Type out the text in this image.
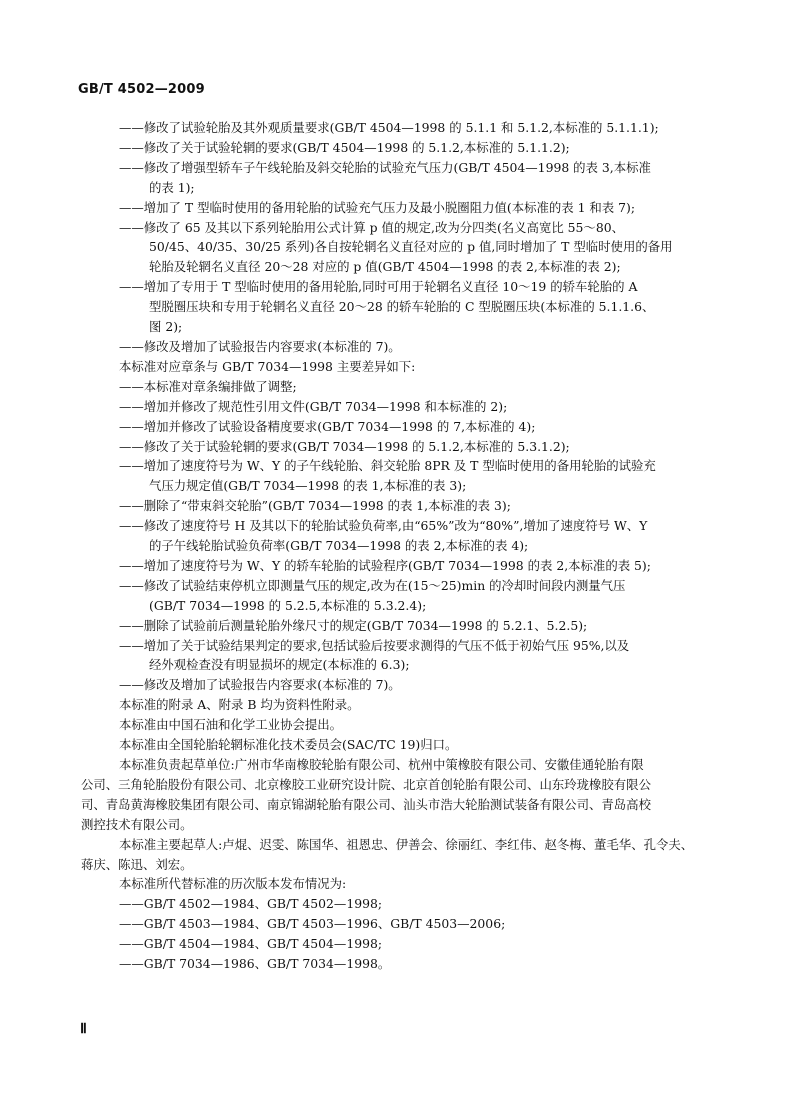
GB/T 4502—2009
——修改了试验轮胎及其外观质量要求(GB/T 4504—1998 的 5.1.1 和 5.1.2,本标准的 5.1.1.1);
——修改了关于试验轮辋的要求(GB/T 4504—1998 的 5.1.2,本标准的 5.1.1.2);
——修改了增强型轿车子午线轮胎及斜交轮胎的试验充气压力(GB/T 4504—1998 的表 3,本标准
的表 1);
——增加了 T 型临时使用的备用轮胎的试验充气压力及最小脱圈阻力值(本标准的表 1 和表 7);
——修改了 65 及其以下系列轮胎用公式计算 p 值的规定,改为分四类(名义高宽比 55～80、
50/45、40/35、30/25 系列)各自按轮辋名义直径对应的 p 值,同时增加了 T 型临时使用的备用
轮胎及轮辋名义直径 20～28 对应的 p 值(GB/T 4504—1998 的表 2,本标准的表 2);
——增加了专用于 T 型临时使用的备用轮胎,同时可用于轮辋名义直径 10～19 的轿车轮胎的 A
型脱圈压块和专用于轮辋名义直径 20～28 的轿车轮胎的 C 型脱圈压块(本标准的 5.1.1.6、
图 2);
——修改及增加了试验报告内容要求(本标准的 7)。
本标准对应章条与 GB/T 7034—1998 主要差异如下:
——本标准对章条编排做了调整;
——增加并修改了规范性引用文件(GB/T 7034—1998 和本标准的 2);
——增加并修改了试验设备精度要求(GB/T 7034—1998 的 7,本标准的 4);
——修改了关于试验轮辋的要求(GB/T 7034—1998 的 5.1.2,本标准的 5.3.1.2);
——增加了速度符号为 W、Y 的子午线轮胎、斜交轮胎 8PR 及 T 型临时使用的备用轮胎的试验充
气压力规定值(GB/T 7034—1998 的表 1,本标准的表 3);
——删除了“带束斜交轮胎”(GB/T 7034—1998 的表 1,本标准的表 3);
——修改了速度符号 H 及其以下的轮胎试验负荷率,由“65%”改为“80%”,增加了速度符号 W、Y
的子午线轮胎试验负荷率(GB/T 7034—1998 的表 2,本标准的表 4);
——增加了速度符号为 W、Y 的轿车轮胎的试验程序(GB/T 7034—1998 的表 2,本标准的表 5);
——修改了试验结束停机立即测量气压的规定,改为在(15～25)min 的冷却时间段内测量气压
(GB/T 7034—1998 的 5.2.5,本标准的 5.3.2.4);
——删除了试验前后测量轮胎外缘尺寸的规定(GB/T 7034—1998 的 5.2.1、5.2.5);
——增加了关于试验结果判定的要求,包括试验后按要求测得的气压不低于初始气压 95%,以及
经外观检查没有明显损坏的规定(本标准的 6.3);
——修改及增加了试验报告内容要求(本标准的 7)。
本标准的附录 A、附录 B 均为资料性附录。
本标准由中国石油和化学工业协会提出。
本标准由全国轮胎轮辋标准化技术委员会(SAC/TC 19)归口。
本标准负责起草单位:广州市华南橡胶轮胎有限公司、杭州中策橡胶有限公司、安徽佳通轮胎有限
公司、三角轮胎股份有限公司、北京橡胶工业研究设计院、北京首创轮胎有限公司、山东玲珑橡胶有限公
司、青岛黄海橡胶集团有限公司、南京锦湖轮胎有限公司、汕头市浩大轮胎测试装备有限公司、青岛高校
测控技术有限公司。
本标准主要起草人:卢焜、迟雯、陈国华、祖恩忠、伊善会、徐丽红、李红伟、赵冬梅、董毛华、孔令夫、
蒋庆、陈迅、刘宏。
本标准所代替标准的历次版本发布情况为:
——GB/T 4502—1984、GB/T 4502—1998;
——GB/T 4503—1984、GB/T 4503—1996、GB/T 4503—2006;
——GB/T 4504—1984、GB/T 4504—1998;
——GB/T 7034—1986、GB/T 7034—1998。
Ⅱ
